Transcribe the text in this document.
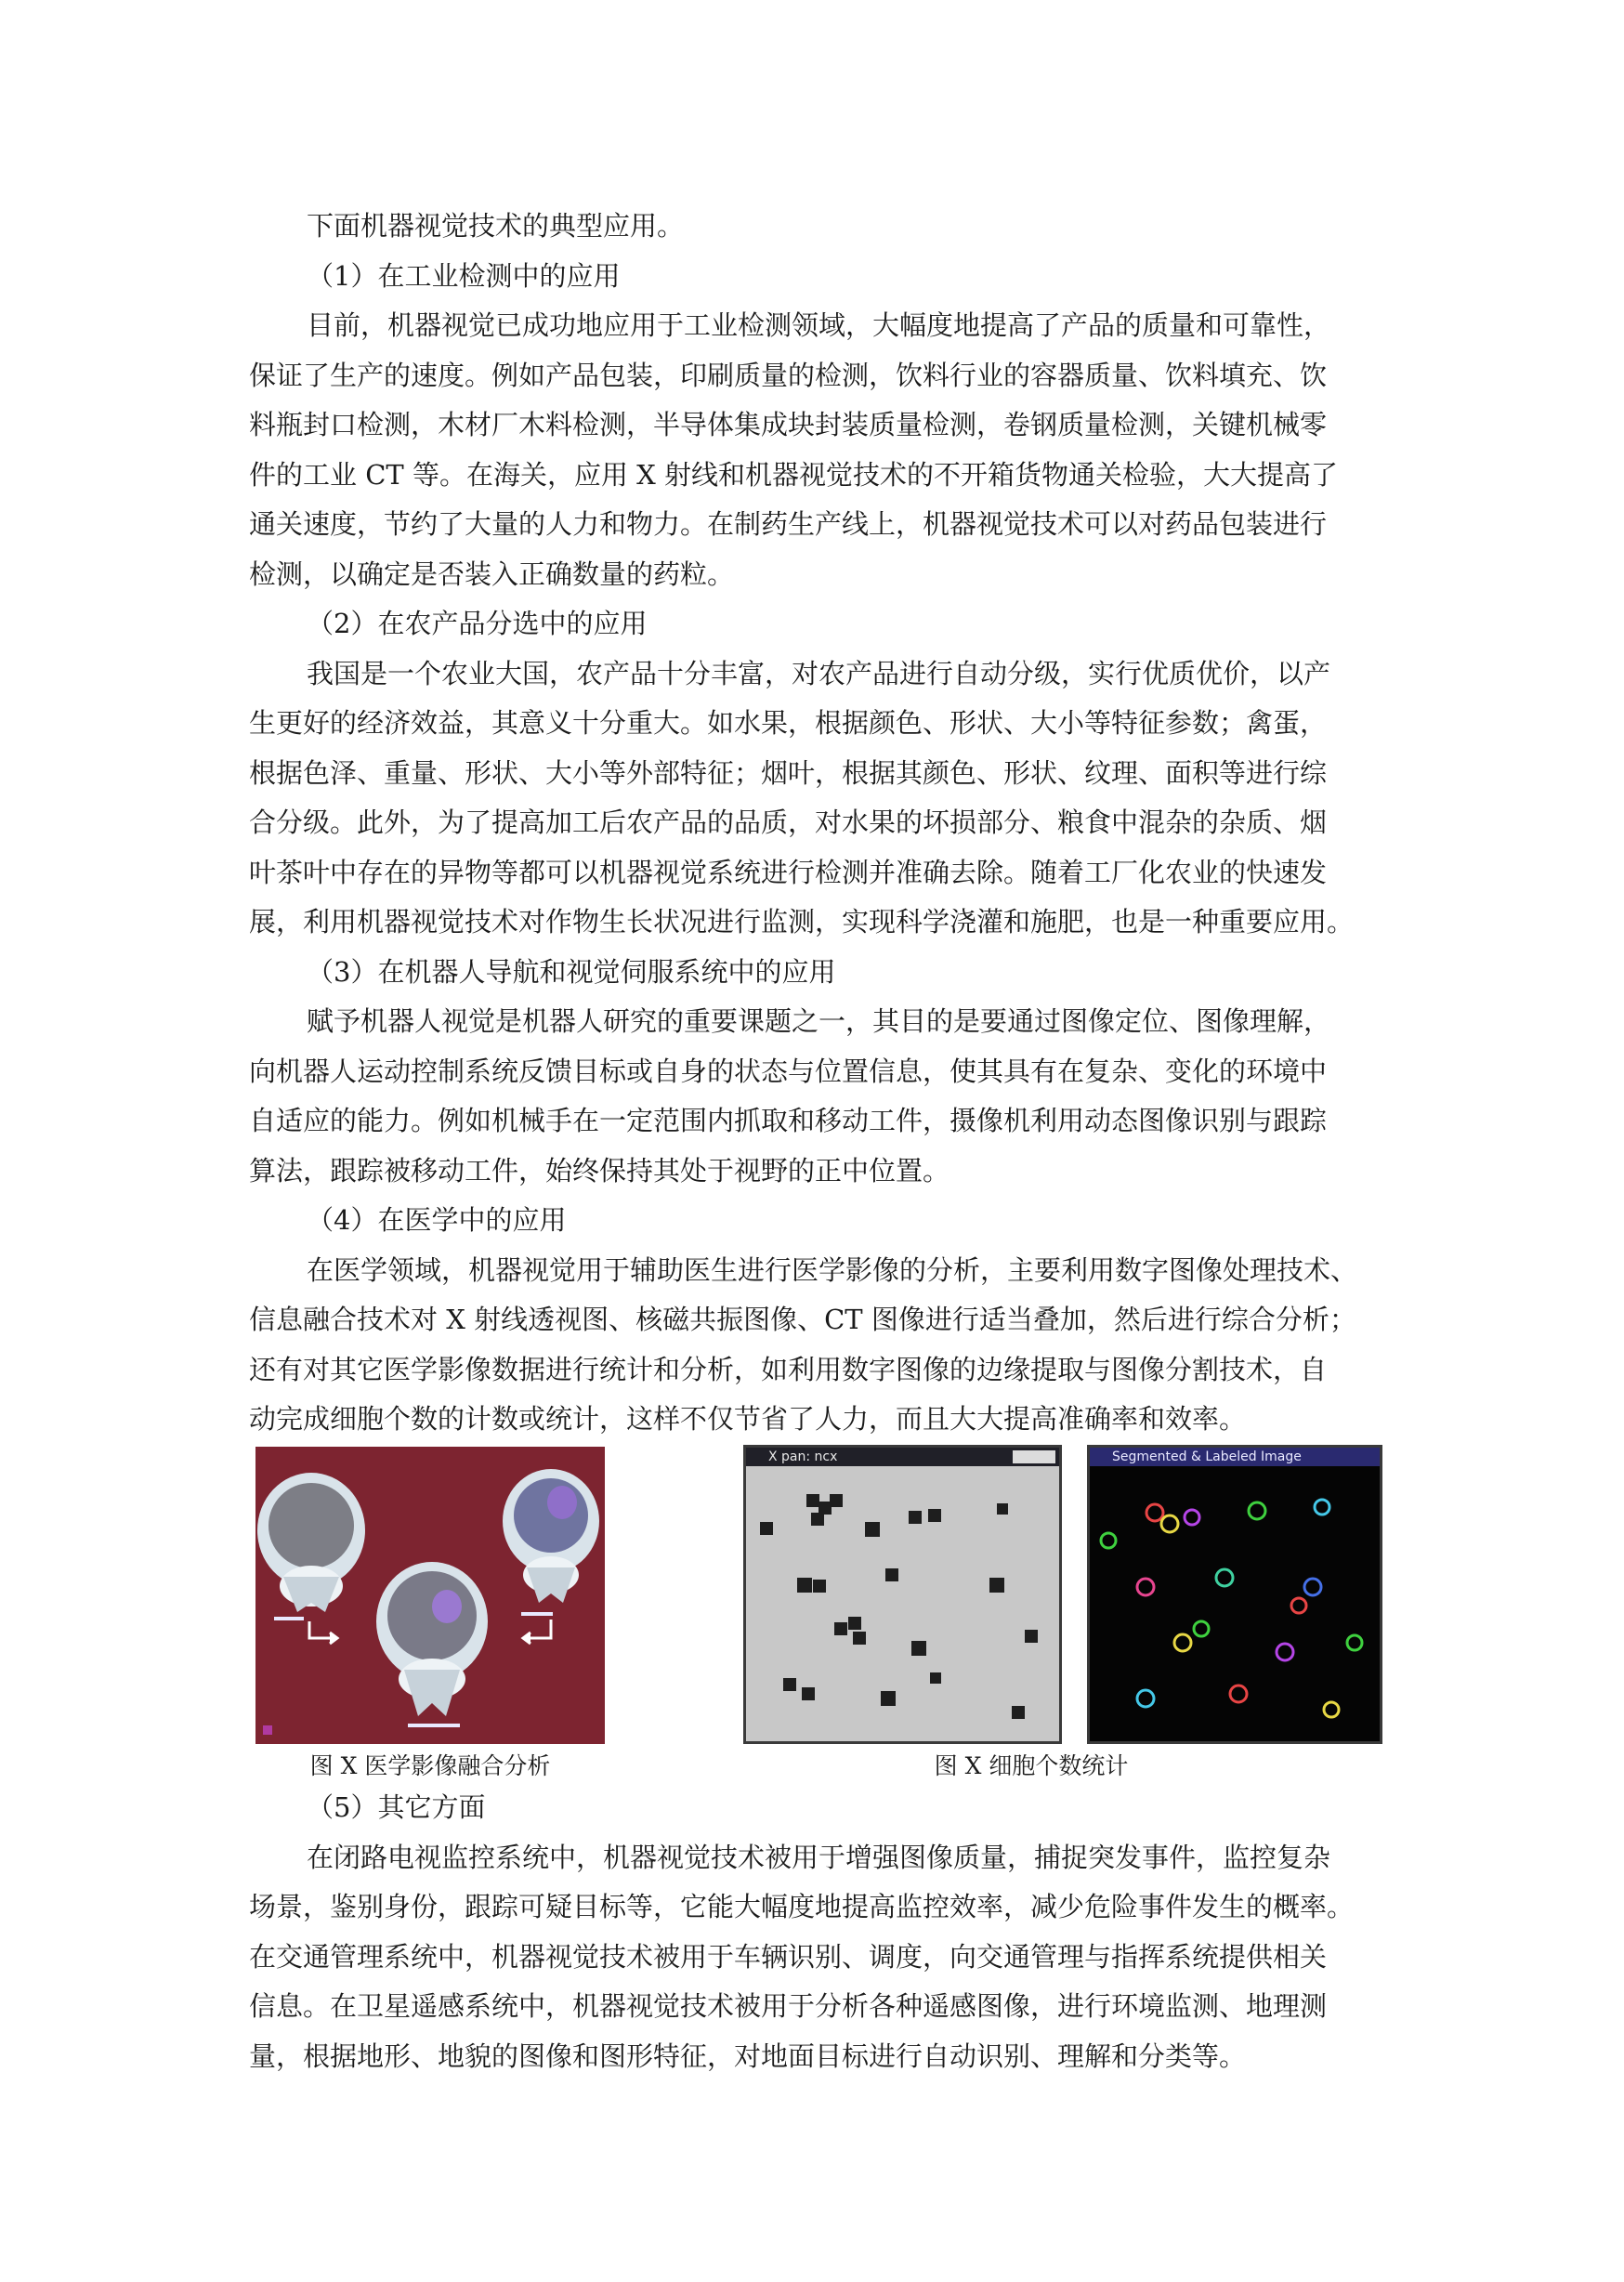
下面机器视觉技术的典型应用。
（1）在工业检测中的应用
目前，机器视觉已成功地应用于工业检测领域，大幅度地提高了产品的质量和可靠性，
保证了生产的速度。例如产品包装，印刷质量的检测，饮料行业的容器质量、饮料填充、饮
料瓶封口检测，木材厂木料检测，半导体集成块封装质量检测，卷钢质量检测，关键机械零
件的工业 CT 等。在海关，应用 X 射线和机器视觉技术的不开箱货物通关检验，大大提高了
通关速度，节约了大量的人力和物力。在制药生产线上，机器视觉技术可以对药品包装进行
检测，以确定是否装入正确数量的药粒。
（2）在农产品分选中的应用
我国是一个农业大国，农产品十分丰富，对农产品进行自动分级，实行优质优价，以产
生更好的经济效益，其意义十分重大。如水果，根据颜色、形状、大小等特征参数；禽蛋，
根据色泽、重量、形状、大小等外部特征；烟叶，根据其颜色、形状、纹理、面积等进行综
合分级。此外，为了提高加工后农产品的品质，对水果的坏损部分、粮食中混杂的杂质、烟
叶茶叶中存在的异物等都可以机器视觉系统进行检测并准确去除。随着工厂化农业的快速发
展，利用机器视觉技术对作物生长状况进行监测，实现科学浇灌和施肥，也是一种重要应用。
（3）在机器人导航和视觉伺服系统中的应用
赋予机器人视觉是机器人研究的重要课题之一，其目的是要通过图像定位、图像理解，
向机器人运动控制系统反馈目标或自身的状态与位置信息，使其具有在复杂、变化的环境中
自适应的能力。例如机械手在一定范围内抓取和移动工件，摄像机利用动态图像识别与跟踪
算法，跟踪被移动工件，始终保持其处于视野的正中位置。
（4）在医学中的应用
在医学领域，机器视觉用于辅助医生进行医学影像的分析，主要利用数字图像处理技术、
信息融合技术对 X 射线透视图、核磁共振图像、CT 图像进行适当叠加，然后进行综合分析；
还有对其它医学影像数据进行统计和分析，如利用数字图像的边缘提取与图像分割技术，自
动完成细胞个数的计数或统计，这样不仅节省了人力，而且大大提高准确率和效率。
X pan: ncx	Segmented & Labeled Image
图 X 医学影像融合分析	图 X 细胞个数统计
（5）其它方面
在闭路电视监控系统中，机器视觉技术被用于增强图像质量，捕捉突发事件，监控复杂
场景，鉴别身份，跟踪可疑目标等，它能大幅度地提高监控效率，减少危险事件发生的概率。
在交通管理系统中，机器视觉技术被用于车辆识别、调度，向交通管理与指挥系统提供相关
信息。在卫星遥感系统中，机器视觉技术被用于分析各种遥感图像，进行环境监测、地理测
量，根据地形、地貌的图像和图形特征，对地面目标进行自动识别、理解和分类等。
